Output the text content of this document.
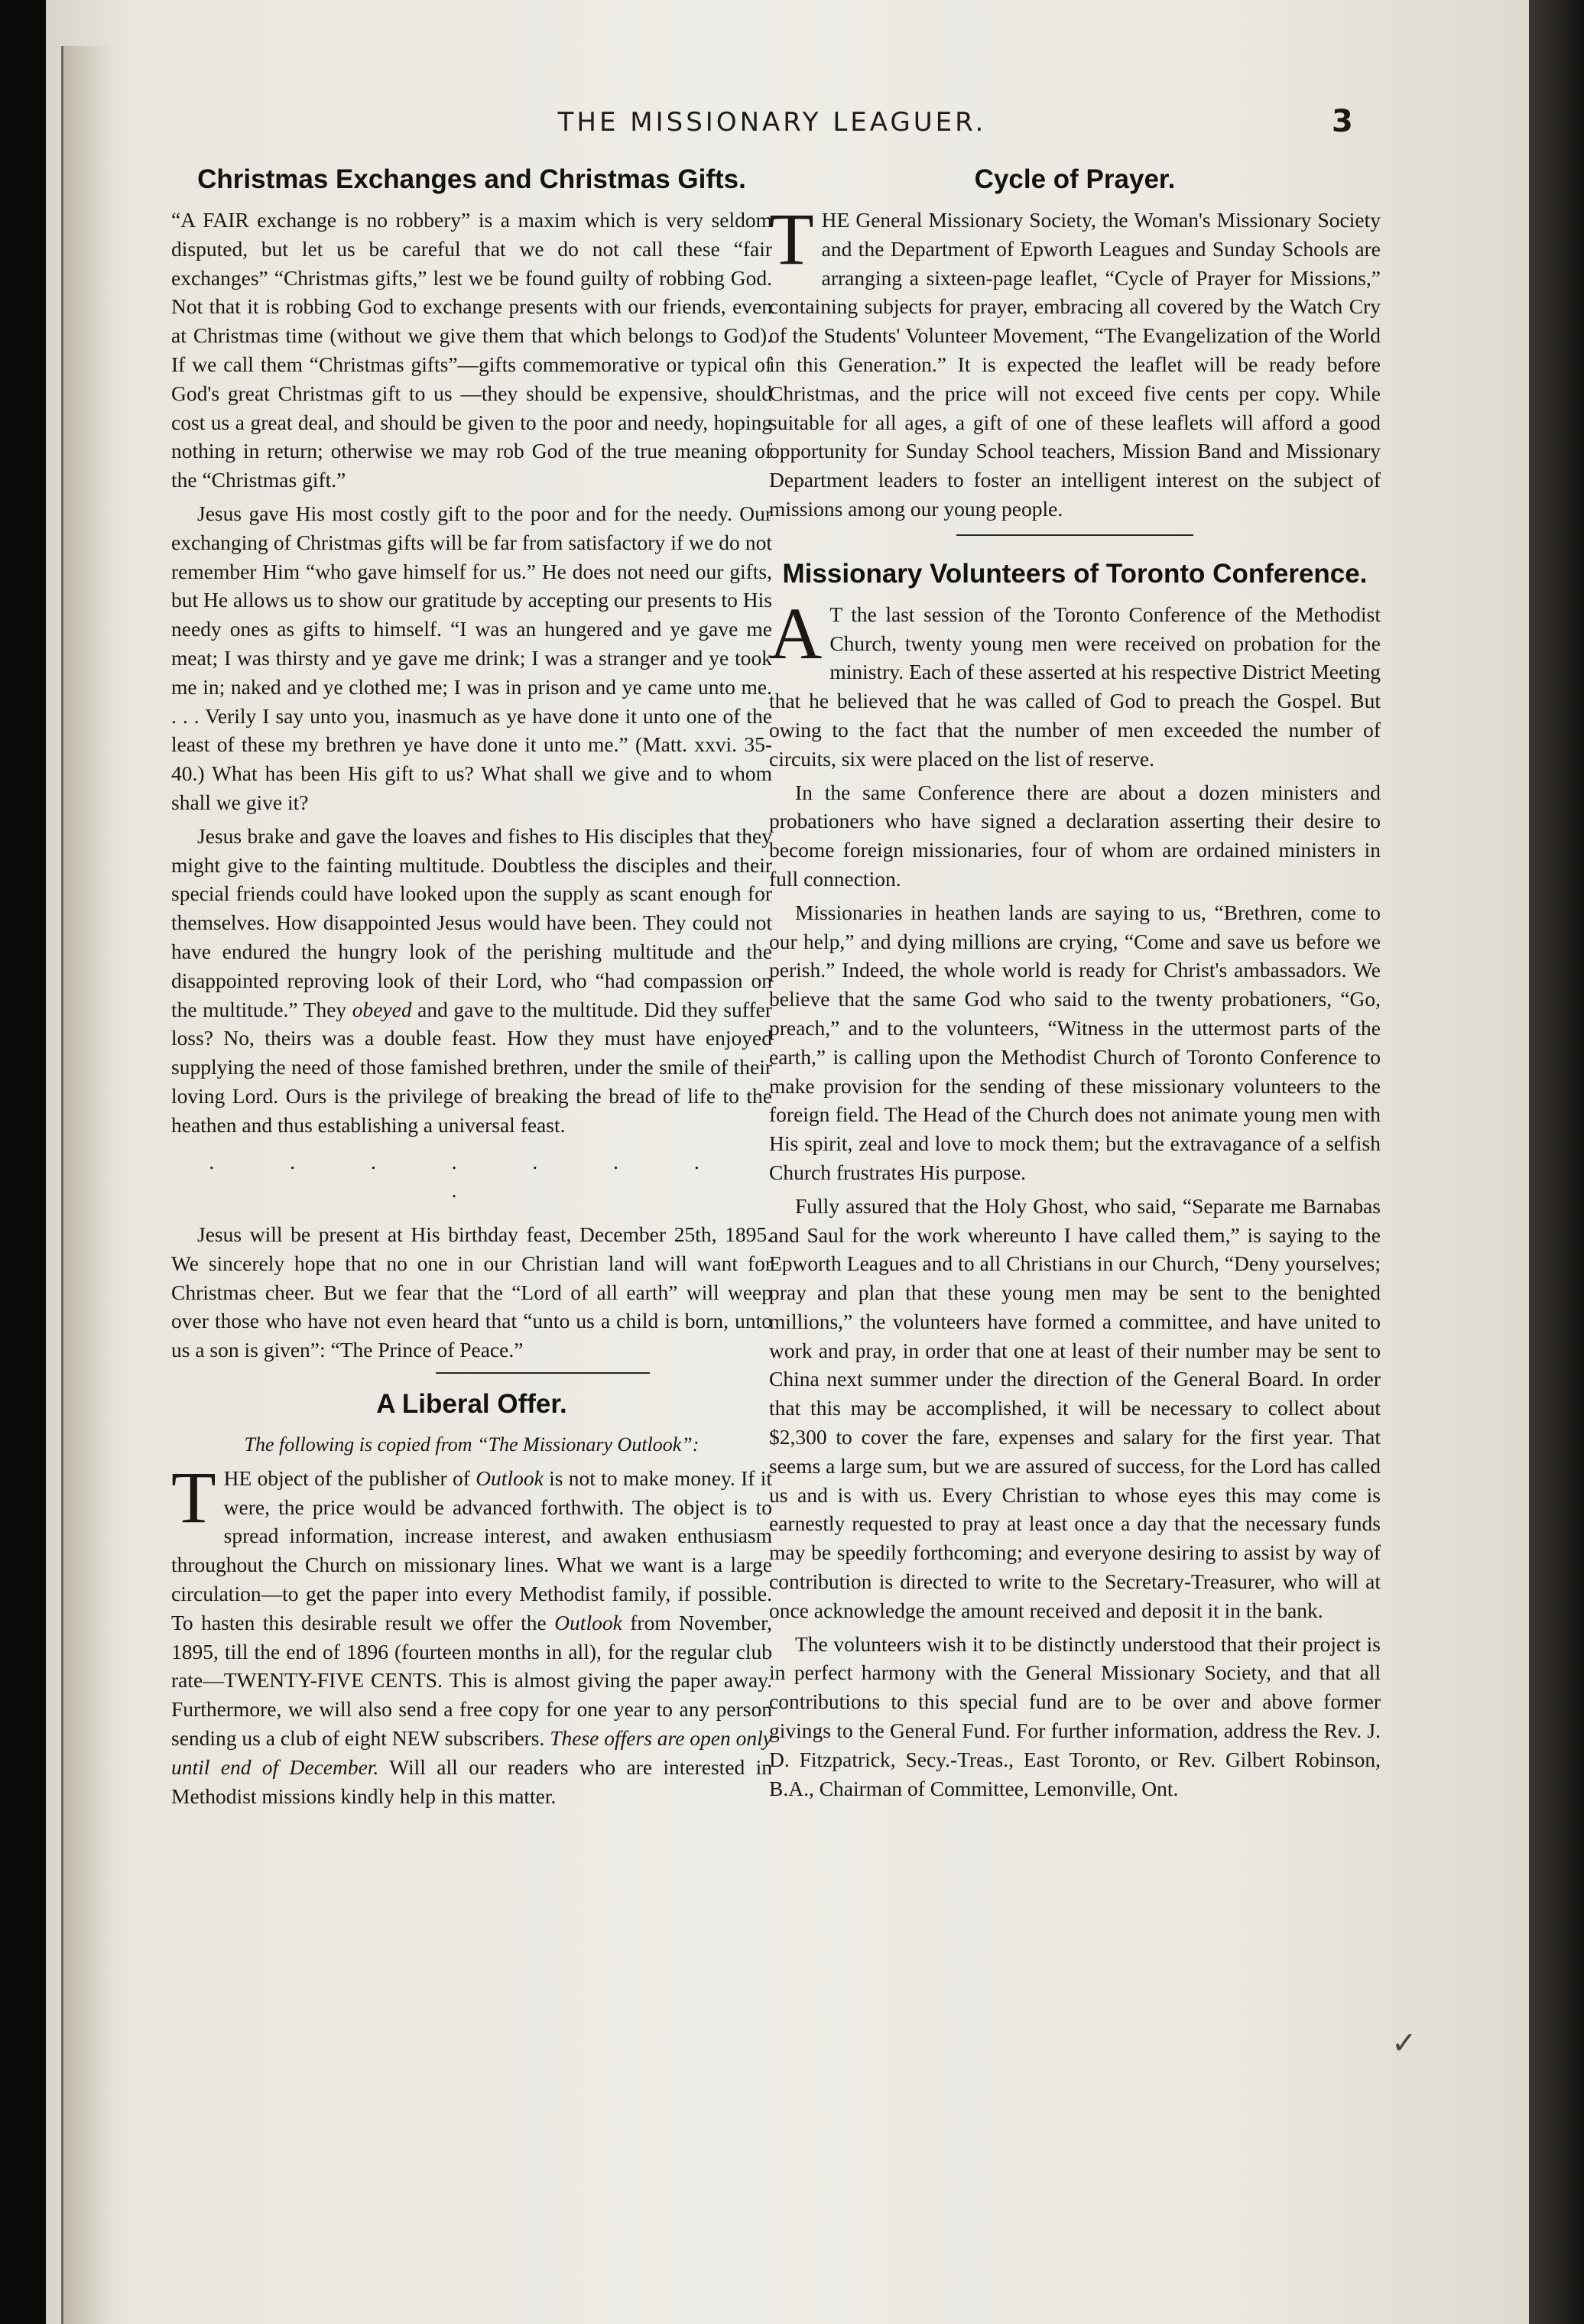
THE MISSIONARY LEAGUER.	3
Christmas Exchanges and Christmas Gifts.

“A FAIR exchange is no robbery” is a maxim which is very seldom disputed, but let us be careful that we do not call these “fair exchanges” “Christmas gifts,” lest we be found guilty of robbing God. Not that it is robbing God to exchange presents with our friends, even at Christmas time (without we give them that which belongs to God). If we call them “Christmas gifts”—gifts commemorative or typical of God's great Christmas gift to us —they should be expensive, should cost us a great deal, and should be given to the poor and needy, hoping nothing in return; otherwise we may rob God of the true meaning of the “Christmas gift.”

Jesus gave His most costly gift to the poor and for the needy. Our exchanging of Christmas gifts will be far from satisfactory if we do not remember Him “who gave himself for us.” He does not need our gifts, but He allows us to show our gratitude by accepting our presents to His needy ones as gifts to himself. “I was an hungered and ye gave me meat; I was thirsty and ye gave me drink; I was a stranger and ye took me in; naked and ye clothed me; I was in prison and ye came unto me. . . . Verily I say unto you, inasmuch as ye have done it unto one of the least of these my brethren ye have done it unto me.” (Matt. xxvi. 35-40.) What has been His gift to us? What shall we give and to whom shall we give it?

Jesus brake and gave the loaves and fishes to His disciples that they might give to the fainting multitude. Doubtless the disciples and their special friends could have looked upon the supply as scant enough for themselves. How disappointed Jesus would have been. They could not have endured the hungry look of the perishing multitude and the disappointed reproving look of their Lord, who “had compassion on the multitude.” They obeyed and gave to the multitude. Did they suffer loss? No, theirs was a double feast. How they must have enjoyed supplying the need of those famished brethren, under the smile of their loving Lord. Ours is the privilege of breaking the bread of life to the heathen and thus establishing a universal feast.

. . . . . . . .

Jesus will be present at His birthday feast, December 25th, 1895. We sincerely hope that no one in our Christian land will want for Christmas cheer. But we fear that the “Lord of all earth” will weep over those who have not even heard that “unto us a child is born, unto us a son is given”: “The Prince of Peace.”

A Liberal Offer.

The following is copied from “The Missionary Outlook”:

THE object of the publisher of Outlook is not to make money. If it were, the price would be advanced forthwith. The object is to spread information, increase interest, and awaken enthusiasm throughout the Church on missionary lines. What we want is a large circulation—to get the paper into every Methodist family, if possible. To hasten this desirable result we offer the Outlook from November, 1895, till the end of 1896 (fourteen months in all), for the regular club rate—TWENTY-FIVE CENTS. This is almost giving the paper away. Furthermore, we will also send a free copy for one year to any person sending us a club of eight NEW subscribers. These offers are open only until end of December. Will all our readers who are interested in Methodist missions kindly help in this matter.

Cycle of Prayer.

THE General Missionary Society, the Woman's Missionary Society and the Department of Epworth Leagues and Sunday Schools are arranging a sixteen-page leaflet, “Cycle of Prayer for Missions,” containing subjects for prayer, embracing all covered by the Watch Cry of the Students' Volunteer Movement, “The Evangelization of the World in this Generation.” It is expected the leaflet will be ready before Christmas, and the price will not exceed five cents per copy. While suitable for all ages, a gift of one of these leaflets will afford a good opportunity for Sunday School teachers, Mission Band and Missionary Department leaders to foster an intelligent interest on the subject of missions among our young people.

Missionary Volunteers of Toronto Conference.

A T the last session of the Toronto Conference of the Methodist Church, twenty young men were received on probation for the ministry. Each of these asserted at his respective District Meeting that he believed that he was called of God to preach the Gospel. But owing to the fact that the number of men exceeded the number of circuits, six were placed on the list of reserve.

In the same Conference there are about a dozen ministers and probationers who have signed a declaration asserting their desire to become foreign missionaries, four of whom are ordained ministers in full connection.

Missionaries in heathen lands are saying to us, “Brethren, come to our help,” and dying millions are crying, “Come and save us before we perish.” Indeed, the whole world is ready for Christ's ambassadors. We believe that the same God who said to the twenty probationers, “Go, preach,” and to the volunteers, “Witness in the uttermost parts of the earth,” is calling upon the Methodist Church of Toronto Conference to make provision for the sending of these missionary volunteers to the foreign field. The Head of the Church does not animate young men with His spirit, zeal and love to mock them; but the extravagance of a selfish Church frustrates His purpose.

Fully assured that the Holy Ghost, who said, “Separate me Barnabas and Saul for the work whereunto I have called them,” is saying to the Epworth Leagues and to all Christians in our Church, “Deny yourselves; pray and plan that these young men may be sent to the benighted millions,” the volunteers have formed a committee, and have united to work and pray, in order that one at least of their number may be sent to China next summer under the direction of the General Board. In order that this may be accomplished, it will be necessary to collect about $2,300 to cover the fare, expenses and salary for the first year. That seems a large sum, but we are assured of success, for the Lord has called us and is with us. Every Christian to whose eyes this may come is earnestly requested to pray at least once a day that the necessary funds may be speedily forthcoming; and everyone desiring to assist by way of contribution is directed to write to the Secretary-Treasurer, who will at once acknowledge the amount received and deposit it in the bank.

The volunteers wish it to be distinctly understood that their project is in perfect harmony with the General Missionary Society, and that all contributions to this special fund are to be over and above former givings to the General Fund. For further information, address the Rev. J. D. Fitzpatrick, Secy.-Treas., East Toronto, or Rev. Gilbert Robinson, B.A., Chairman of Committee, Lemonville, Ont.

✓
